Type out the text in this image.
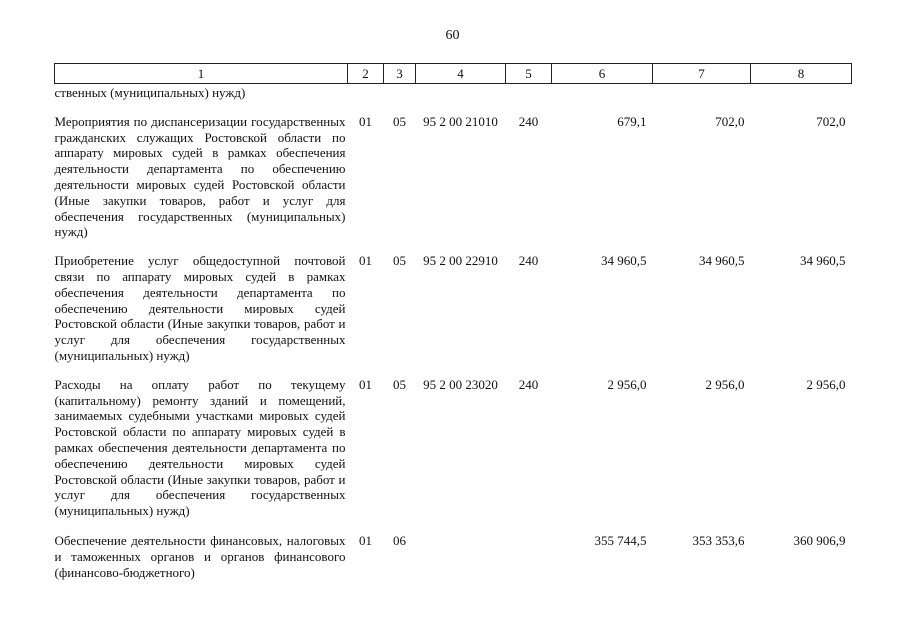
60
1	2	3	4	5	6	7	8
ственных (муниципальных) нужд)							
Мероприятия по диспансеризации государственных гражданских служащих Ростовской области по аппарату мировых судей в рамках обеспечения деятельности департамента по обеспечению деятельности мировых судей Ростовской области (Иные закупки товаров, работ и услуг для обеспечения государственных (муниципальных) нужд)	01	05	95 2 00 21010	240	679,1	702,0	702,0
Приобретение услуг общедоступной почтовой связи по аппарату мировых судей в рамках обеспечения деятельности департамента по обеспечению деятельности мировых судей Ростовской области (Иные закупки товаров, работ и услуг для обеспечения государственных (муниципальных) нужд)	01	05	95 2 00 22910	240	34 960,5	34 960,5	34 960,5
Расходы на оплату работ по текущему (капитальному) ремонту зданий и помещений, занимаемых судебными участками мировых судей Ростовской области по аппарату мировых судей в рамках обеспечения деятельности департамента по обеспечению деятельности мировых судей Ростовской области (Иные закупки товаров, работ и услуг для обеспечения государственных (муниципальных) нужд)	01	05	95 2 00 23020	240	2 956,0	2 956,0	2 956,0
Обеспечение деятельности финансовых, налоговых и таможенных органов и органов финансового (финансово-бюджетного)	01	06			355 744,5	353 353,6	360 906,9
